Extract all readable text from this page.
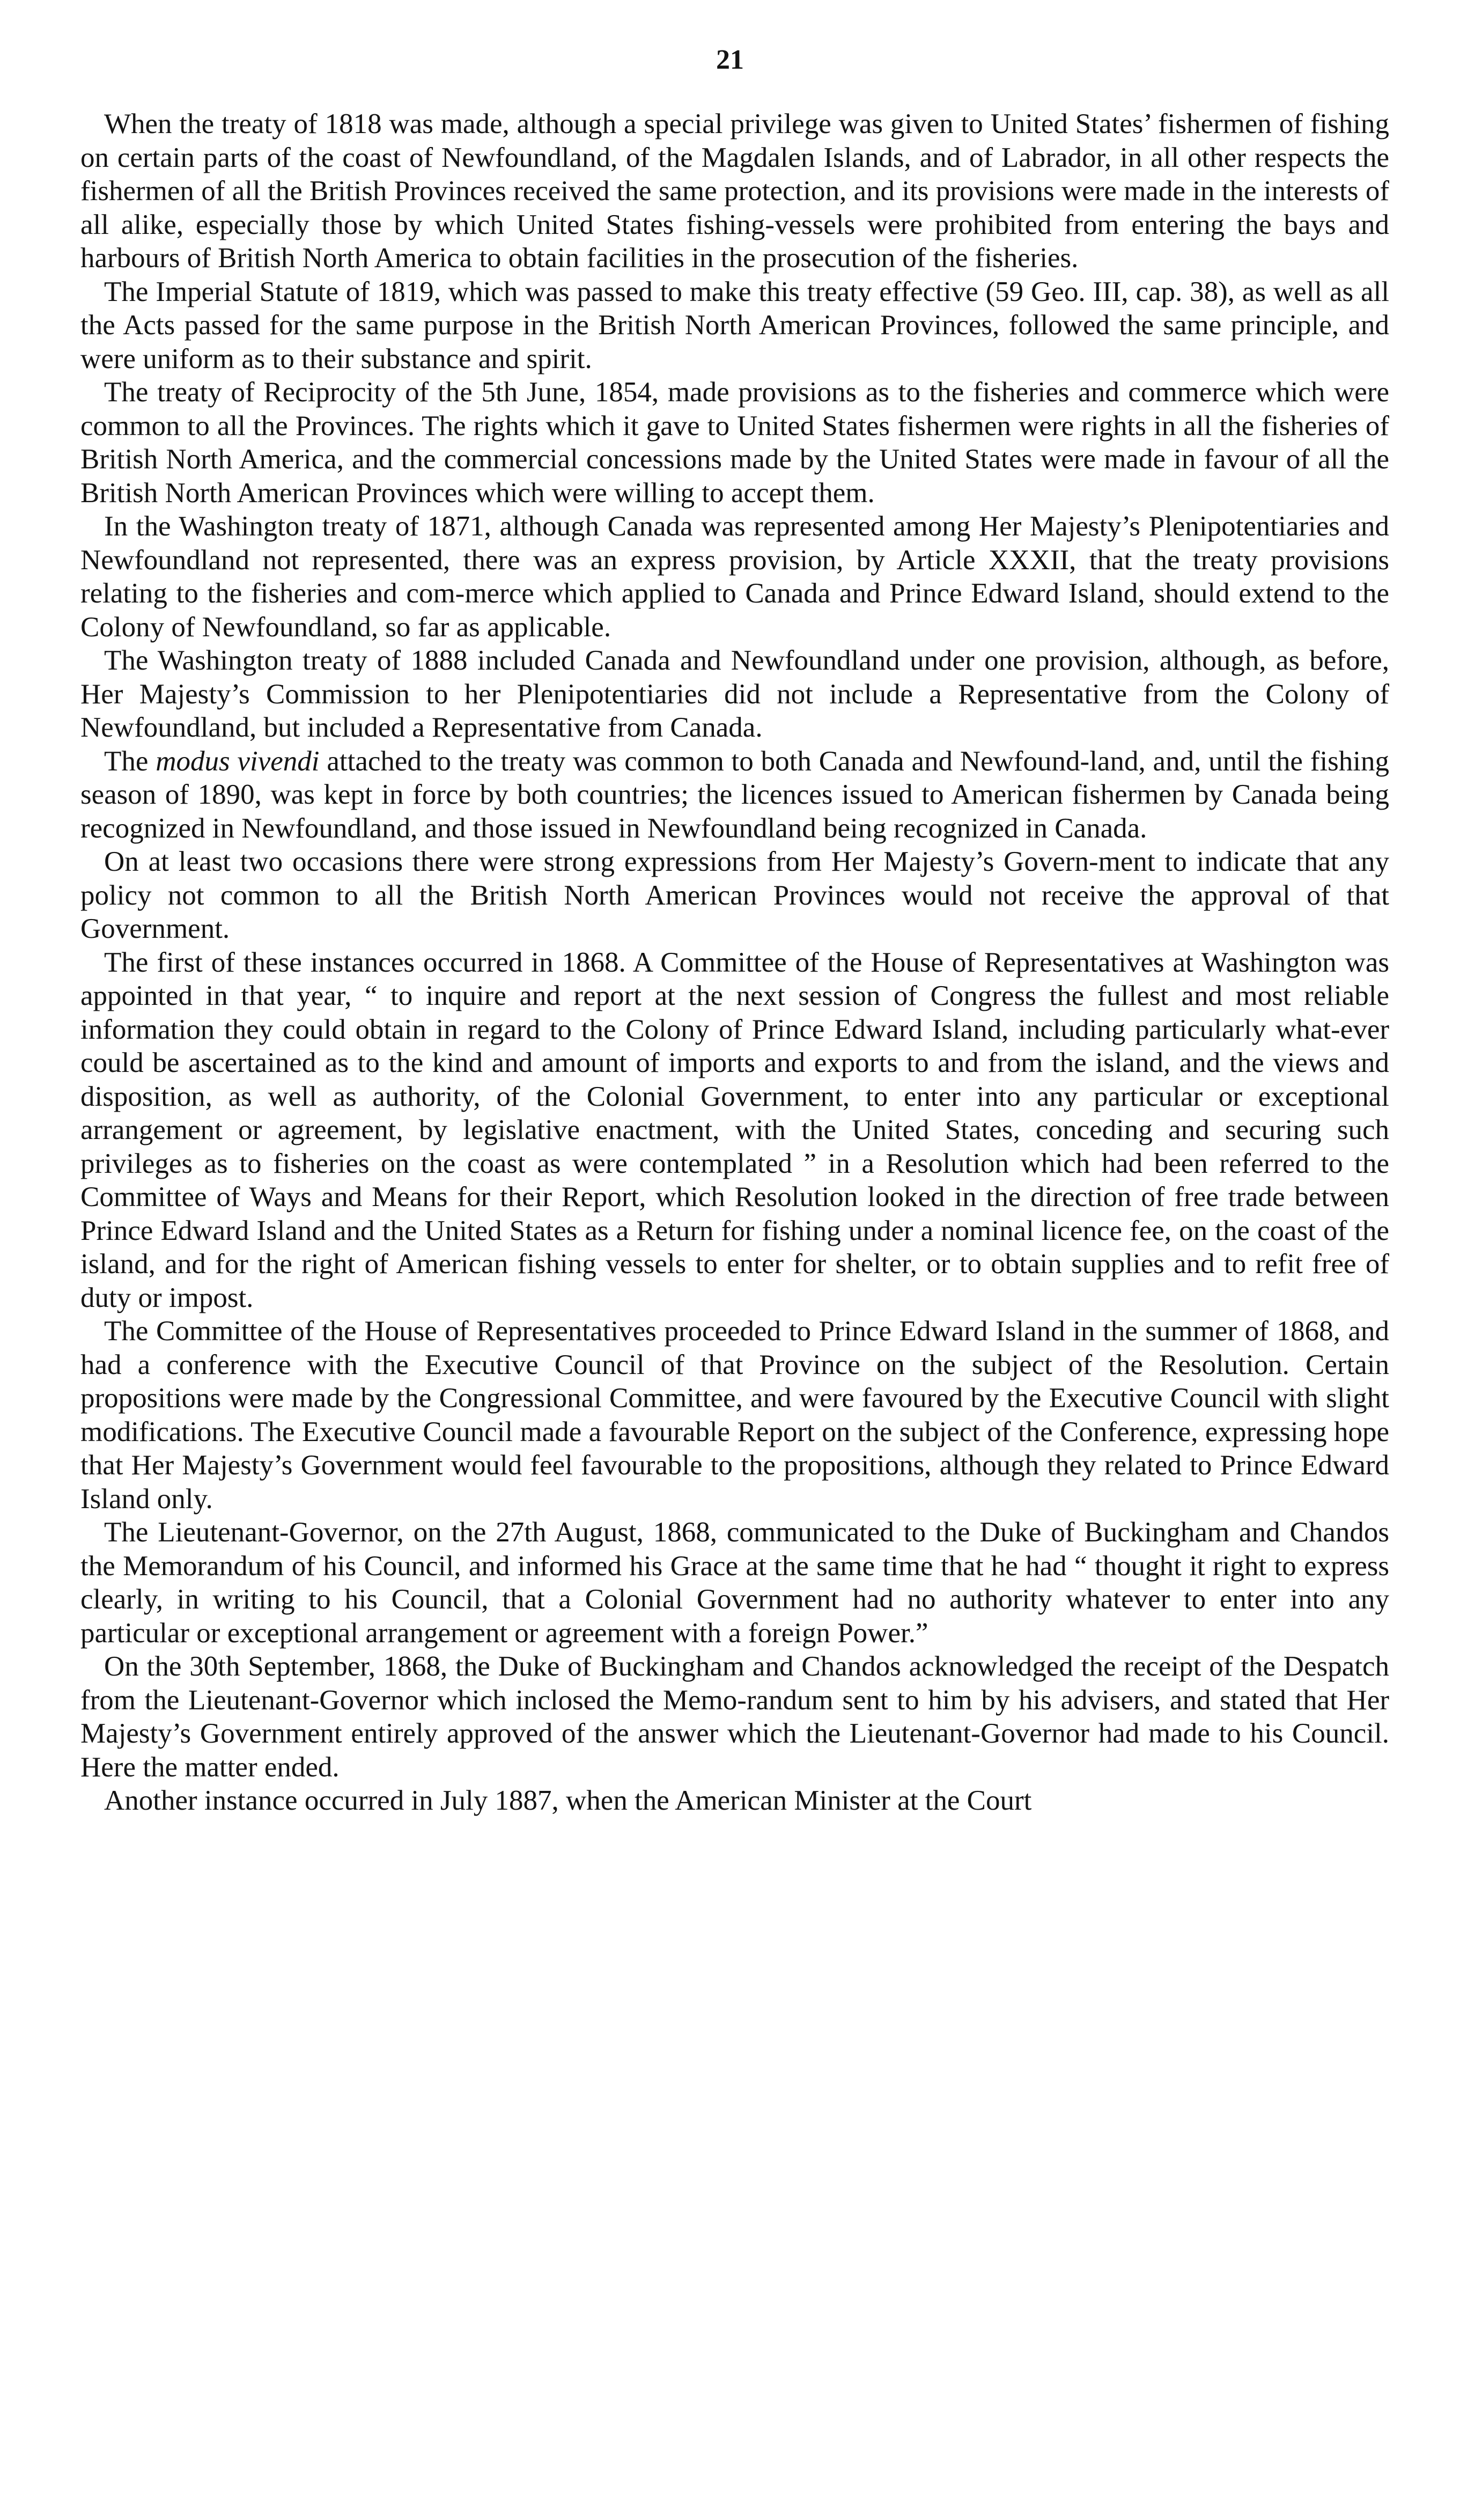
21

When the treaty of 1818 was made, although a special privilege was given to United States’ fishermen of fishing on certain parts of the coast of Newfoundland, of the Magdalen Islands, and of Labrador, in all other respects the fishermen of all the British Provinces received the same protection, and its provisions were made in the interests of all alike, especially those by which United States fishing-vessels were prohibited from entering the bays and harbours of British North America to obtain facilities in the prosecution of the fisheries.

The Imperial Statute of 1819, which was passed to make this treaty effective (59 Geo. III, cap. 38), as well as all the Acts passed for the same purpose in the British North American Provinces, followed the same principle, and were uniform as to their substance and spirit.

The treaty of Reciprocity of the 5th June, 1854, made provisions as to the fisheries and commerce which were common to all the Provinces. The rights which it gave to United States fishermen were rights in all the fisheries of British North America, and the commercial concessions made by the United States were made in favour of all the British North American Provinces which were willing to accept them.

In the Washington treaty of 1871, although Canada was represented among Her Majesty’s Plenipotentiaries and Newfoundland not represented, there was an express provision, by Article XXXII, that the treaty provisions relating to the fisheries and com-merce which applied to Canada and Prince Edward Island, should extend to the Colony of Newfoundland, so far as applicable.

The Washington treaty of 1888 included Canada and Newfoundland under one provision, although, as before, Her Majesty’s Commission to her Plenipotentiaries did not include a Representative from the Colony of Newfoundland, but included a Representative from Canada.

The modus vivendi attached to the treaty was common to both Canada and Newfound-land, and, until the fishing season of 1890, was kept in force by both countries; the licences issued to American fishermen by Canada being recognized in Newfoundland, and those issued in Newfoundland being recognized in Canada.

On at least two occasions there were strong expressions from Her Majesty’s Govern-ment to indicate that any policy not common to all the British North American Provinces would not receive the approval of that Government.

The first of these instances occurred in 1868. A Committee of the House of Representatives at Washington was appointed in that year, “ to inquire and report at the next session of Congress the fullest and most reliable information they could obtain in regard to the Colony of Prince Edward Island, including particularly what-ever could be ascertained as to the kind and amount of imports and exports to and from the island, and the views and disposition, as well as authority, of the Colonial Government, to enter into any particular or exceptional arrangement or agreement, by legislative enactment, with the United States, conceding and securing such privileges as to fisheries on the coast as were contemplated ” in a Resolution which had been referred to the Committee of Ways and Means for their Report, which Resolution looked in the direction of free trade between Prince Edward Island and the United States as a Return for fishing under a nominal licence fee, on the coast of the island, and for the right of American fishing vessels to enter for shelter, or to obtain supplies and to refit free of duty or impost.

The Committee of the House of Representatives proceeded to Prince Edward Island in the summer of 1868, and had a conference with the Executive Council of that Province on the subject of the Resolution. Certain propositions were made by the Congressional Committee, and were favoured by the Executive Council with slight modifications. The Executive Council made a favourable Report on the subject of the Conference, expressing hope that Her Majesty’s Government would feel favourable to the propositions, although they related to Prince Edward Island only.

The Lieutenant-Governor, on the 27th August, 1868, communicated to the Duke of Buckingham and Chandos the Memorandum of his Council, and informed his Grace at the same time that he had “ thought it right to express clearly, in writing to his Council, that a Colonial Government had no authority whatever to enter into any particular or exceptional arrangement or agreement with a foreign Power.”

On the 30th September, 1868, the Duke of Buckingham and Chandos acknowledged the receipt of the Despatch from the Lieutenant-Governor which inclosed the Memo-randum sent to him by his advisers, and stated that Her Majesty’s Government entirely approved of the answer which the Lieutenant-Governor had made to his Council. Here the matter ended.

Another instance occurred in July 1887, when the American Minister at the Court
